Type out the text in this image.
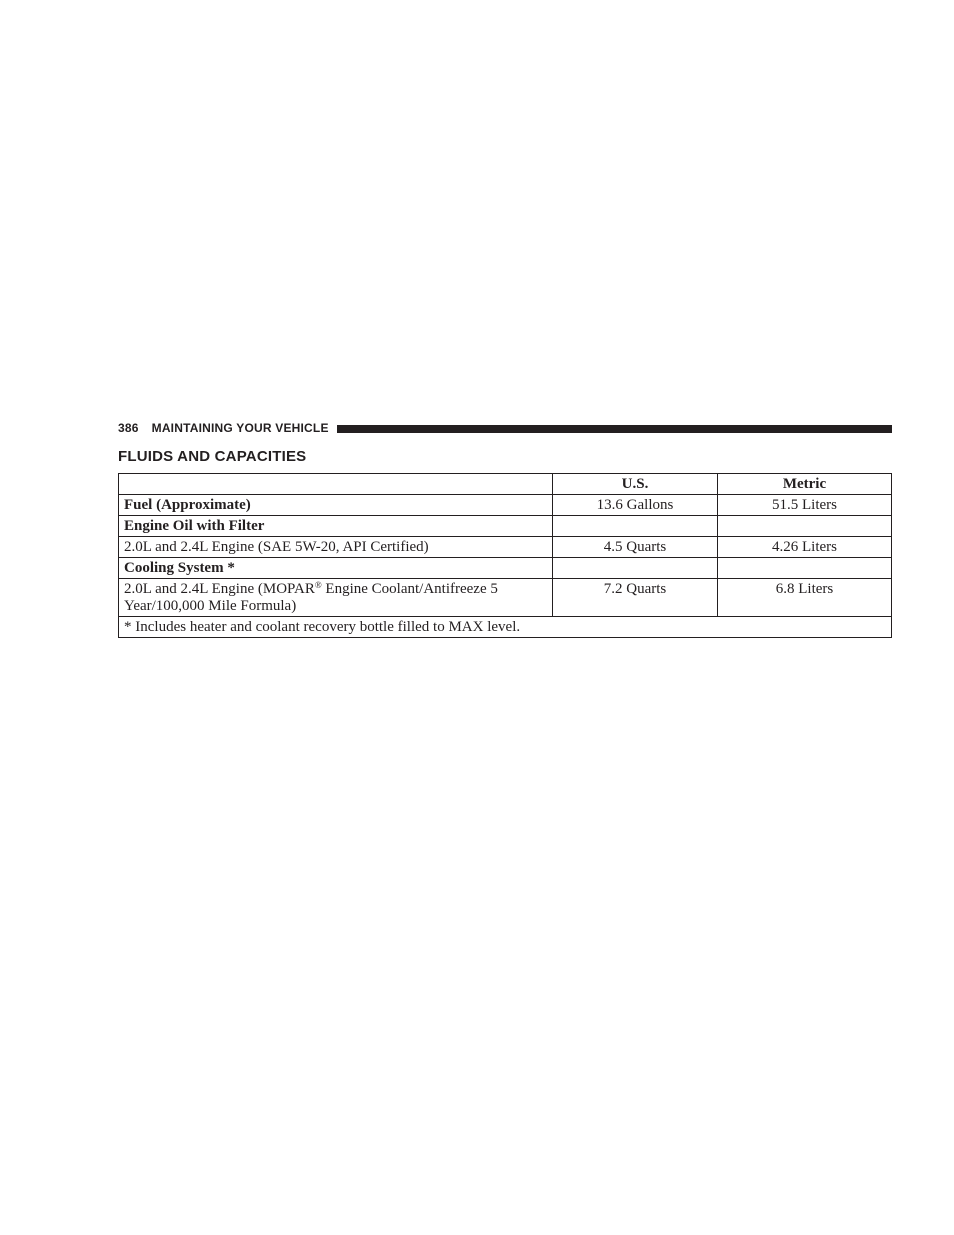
386 MAINTAINING YOUR VEHICLE
FLUIDS AND CAPACITIES
	U.S.	Metric
Fuel (Approximate)	13.6 Gallons	51.5 Liters
Engine Oil with Filter		
2.0L and 2.4L Engine (SAE 5W-20, API Certified)	4.5 Quarts	4.26 Liters
Cooling System *		
2.0L and 2.4L Engine (MOPAR® Engine Coolant/Antifreeze 5 Year/100,000 Mile Formula)	7.2 Quarts	6.8 Liters
* Includes heater and coolant recovery bottle filled to MAX level.		
